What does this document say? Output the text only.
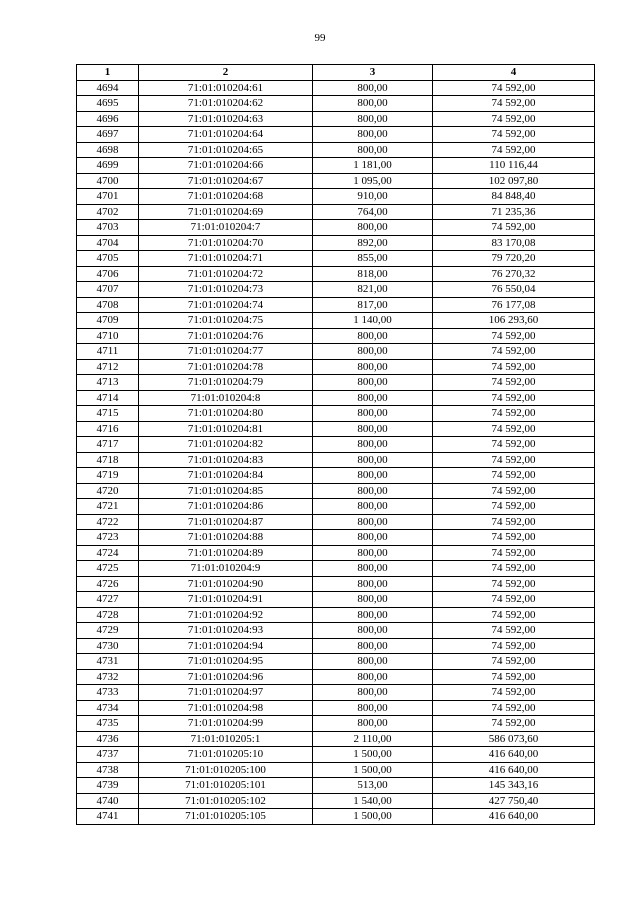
99
1	2	3	4
4694	71:01:010204:61	800,00	74 592,00
4695	71:01:010204:62	800,00	74 592,00
4696	71:01:010204:63	800,00	74 592,00
4697	71:01:010204:64	800,00	74 592,00
4698	71:01:010204:65	800,00	74 592,00
4699	71:01:010204:66	1 181,00	110 116,44
4700	71:01:010204:67	1 095,00	102 097,80
4701	71:01:010204:68	910,00	84 848,40
4702	71:01:010204:69	764,00	71 235,36
4703	71:01:010204:7	800,00	74 592,00
4704	71:01:010204:70	892,00	83 170,08
4705	71:01:010204:71	855,00	79 720,20
4706	71:01:010204:72	818,00	76 270,32
4707	71:01:010204:73	821,00	76 550,04
4708	71:01:010204:74	817,00	76 177,08
4709	71:01:010204:75	1 140,00	106 293,60
4710	71:01:010204:76	800,00	74 592,00
4711	71:01:010204:77	800,00	74 592,00
4712	71:01:010204:78	800,00	74 592,00
4713	71:01:010204:79	800,00	74 592,00
4714	71:01:010204:8	800,00	74 592,00
4715	71:01:010204:80	800,00	74 592,00
4716	71:01:010204:81	800,00	74 592,00
4717	71:01:010204:82	800,00	74 592,00
4718	71:01:010204:83	800,00	74 592,00
4719	71:01:010204:84	800,00	74 592,00
4720	71:01:010204:85	800,00	74 592,00
4721	71:01:010204:86	800,00	74 592,00
4722	71:01:010204:87	800,00	74 592,00
4723	71:01:010204:88	800,00	74 592,00
4724	71:01:010204:89	800,00	74 592,00
4725	71:01:010204:9	800,00	74 592,00
4726	71:01:010204:90	800,00	74 592,00
4727	71:01:010204:91	800,00	74 592,00
4728	71:01:010204:92	800,00	74 592,00
4729	71:01:010204:93	800,00	74 592,00
4730	71:01:010204:94	800,00	74 592,00
4731	71:01:010204:95	800,00	74 592,00
4732	71:01:010204:96	800,00	74 592,00
4733	71:01:010204:97	800,00	74 592,00
4734	71:01:010204:98	800,00	74 592,00
4735	71:01:010204:99	800,00	74 592,00
4736	71:01:010205:1	2 110,00	586 073,60
4737	71:01:010205:10	1 500,00	416 640,00
4738	71:01:010205:100	1 500,00	416 640,00
4739	71:01:010205:101	513,00	145 343,16
4740	71:01:010205:102	1 540,00	427 750,40
4741	71:01:010205:105	1 500,00	416 640,00
